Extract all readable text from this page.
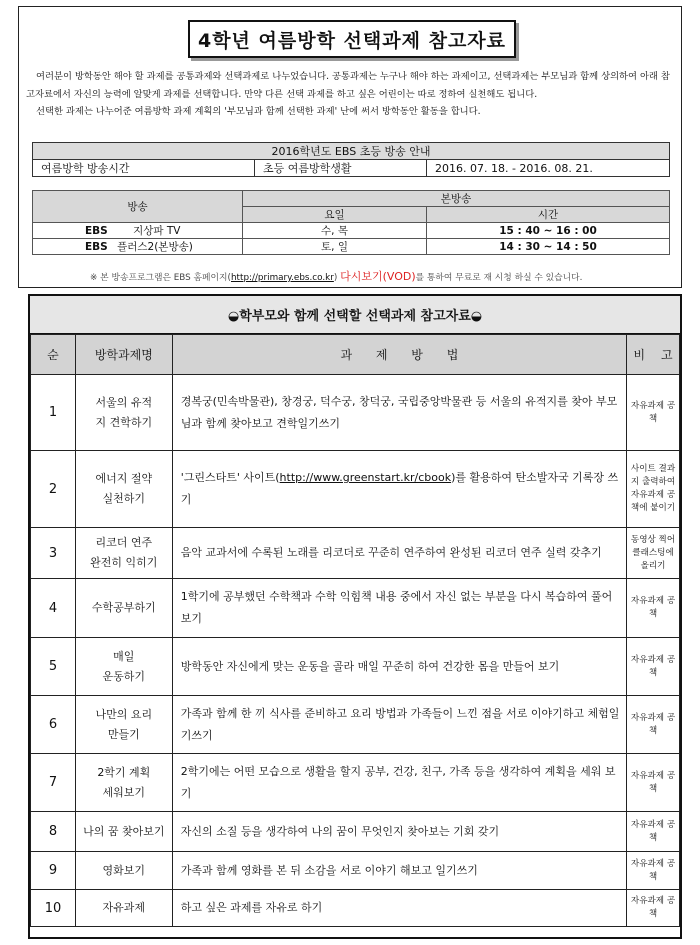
4학년 여름방학 선택과제 참고자료

여러분이 방학동안 해야 할 과제를 공통과제와 선택과제로 나누었습니다. 공통과제는 누구나 해야 하는 과제이고, 선택과제는 부모님과 함께 상의하여 아래 참고자료에서 자신의 능력에 알맞게 과제를 선택합니다. 만약 다른 선택 과제를 하고 싶은 어린이는 따로 정하여 실천해도 됩니다.

선택한 과제는 나누어준 여름방학 과제 계획의 '부모님과 함께 선택한 과제' 난에 써서 방학동안 활동을 합니다.

2016학년도 EBS 초등 방송 안내
여름방학 방송시간	초등 여름방학생활	2016. 07. 18. - 2016. 08. 21.
방송	본방송	
	요일	시간
EBS 지상파 TV	수, 목	15 : 40 ~ 16 : 00
EBS 플러스2(본방송)	토, 일	14 : 30 ~ 14 : 50
※ 본 방송프로그램은 EBS 홈페이지(http://primary.ebs.co.kr) 다시보기(VOD)를 통하여 무료로 재 시청 하실 수 있습니다.
◒학부모와 함께 선택할 선택과제 참고자료◒
순	방학과제명	과 제 방 법	비 고
1	서울의 유적
지 견학하기	경복궁(민속박물관), 창경궁, 덕수궁, 창덕궁, 국립중앙박물관 등 서울의 유적지를 찾아 부모님과 함께 찾아보고 견학일기쓰기	자유과제 공책
2	에너지 절약
실천하기	'그린스타트' 사이트(http://www.greenstart.kr/cbook)를 활용하여 탄소발자국 기록장 쓰기	사이트 결과지 출력하여 자유과제 공책에 붙이기
3	리코더 연주
완전히 익히기	음악 교과서에 수록된 노래를 리코더로 꾸준히 연주하여 완성된 리코더 연주 실력 갖추기	동영상 찍어 클래스팅에 올리기
4	수학공부하기	1학기에 공부했던 수학책과 수학 익힘책 내용 중에서 자신 없는 부분을 다시 복습하여 풀어보기	자유과제 공책
5	매일
운동하기	방학동안 자신에게 맞는 운동을 골라 매일 꾸준히 하여 건강한 몸을 만들어 보기	자유과제 공책
6	나만의 요리
만들기	가족과 함께 한 끼 식사를 준비하고 요리 방법과 가족들이 느낀 점을 서로 이야기하고 체험일기쓰기	자유과제 공책
7	2학기 계획
세워보기	2학기에는 어떤 모습으로 생활을 할지 공부, 건강, 친구, 가족 등을 생각하여 계획을 세워 보기	자유과제 공책
8	나의 꿈 찾아보기	자신의 소질 등을 생각하여 나의 꿈이 무엇인지 찾아보는 기회 갖기	자유과제 공책
9	영화보기	가족과 함께 영화를 본 뒤 소감을 서로 이야기 해보고 일기쓰기	자유과제 공책
10	자유과제	하고 싶은 과제를 자유로 하기	자유과제 공책
